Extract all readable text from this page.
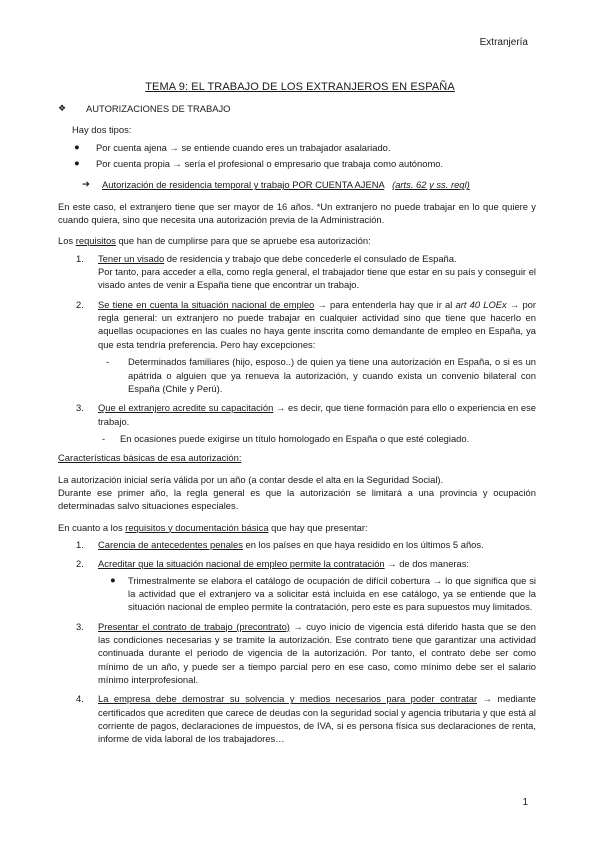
Extranjería
TEMA 9: EL TRABAJO DE LOS EXTRANJEROS EN ESPAÑA
❖ AUTORIZACIONES DE TRABAJO

Hay dos tipos:

● Por cuenta ajena → se entiende cuando eres un trabajador asalariado.
● Por cuenta propia → sería el profesional o empresario que trabaja como autónomo.
➔ Autorización de residencia temporal y trabajo POR CUENTA AJENA (arts. 62 y ss. regl)

En este caso, el extranjero tiene que ser mayor de 16 años. *Un extranjero no puede trabajar en lo que quiere y cuando quiera, sino que necesita una autorización previa de la Administración.

Los requisitos que han de cumplirse para que se apruebe esa autorización:

1. Tener un visado de residencia y trabajo que debe concederle el consulado de España.

Por tanto, para acceder a ella, como regla general, el trabajador tiene que estar en su país y conseguir el visado antes de venir a España tiene que encontrar un trabajo.

2. Se tiene en cuenta la situación nacional de empleo → para entenderla hay que ir al art 40 LOEx → por regla general: un extranjero no puede trabajar en cualquier actividad sino que tiene que hacerlo en aquellas ocupaciones en las cuales no haya gente inscrita como demandante de empleo en España, ya que esta tendría preferencia. Pero hay excepciones:

- Determinados familiares (hijo, esposo..) de quien ya tiene una autorización en España, o si es un apátrida o alguien que ya renueva la autorización, y cuando exista un convenio bilateral con España (Chile y Perú).
3. Que el extranjero acredite su capacitación → es decir, que tiene formación para ello o experiencia en ese trabajo.

- En ocasiones puede exigirse un título homologado en España o que esté colegiado.

Características básicas de esa autorización:

La autorización inicial sería válida por un año (a contar desde el alta en la Seguridad Social).

Durante ese primer año, la regla general es que la autorización se limitará a una provincia y ocupación determinadas salvo situaciones especiales.

En cuanto a los requisitos y documentación básica que hay que presentar:

1. Carencia de antecedentes penales en los países en que haya residido en los últimos 5 años.

2. Acreditar que la situación nacional de empleo permite la contratación → de dos maneras:

● Trimestralmente se elabora el catálogo de ocupación de difícil cobertura → lo que significa que si la actividad que el extranjero va a solicitar está incluida en ese catálogo, ya se entiende que la situación nacional de empleo permite la contratación, pero este es para supuestos muy limitados.
3. Presentar el contrato de trabajo (precontrato) → cuyo inicio de vigencia está diferido hasta que se den las condiciones necesarias y se tramite la autorización. Ese contrato tiene que garantizar una actividad continuada durante el periodo de vigencia de la autorización. Por tanto, el contrato debe ser como mínimo de un año, y puede ser a tiempo parcial pero en ese caso, como mínimo debe ser el salario mínimo interprofesional.

4. La empresa debe demostrar su solvencia y medios necesarios para poder contratar → mediante certificados que acrediten que carece de deudas con la seguridad social y agencia tributaria y que está al corriente de pagos, declaraciones de impuestos, de IVA, si es persona física sus declaraciones de renta, informe de vida laboral de los trabajadores…

1
